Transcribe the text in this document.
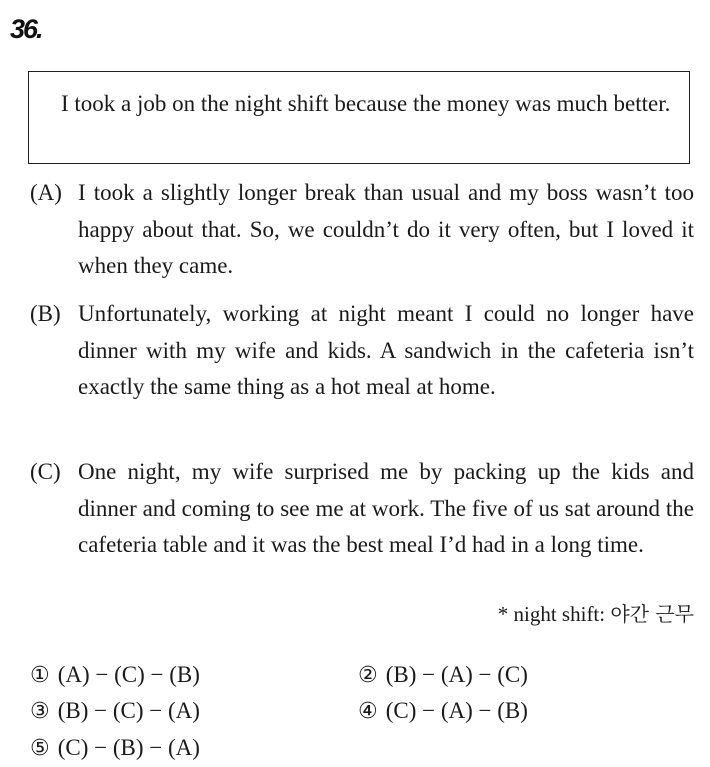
36.
I took a job on the night shift because the money was much better.
(A) I took a slightly longer break than usual and my boss wasn’t too happy about that. So, we couldn’t do it very often, but I loved it when they came.
(B) Unfortunately, working at night meant I could no longer have dinner with my wife and kids. A sandwich in the cafeteria isn’t exactly the same thing as a hot meal at home.
(C) One night, my wife surprised me by packing up the kids and dinner and coming to see me at work. The five of us sat around the cafeteria table and it was the best meal I’d had in a long time.
* night shift: 야간 근무
① (A) − (C) − (B)	② (B) − (A) − (C)
③ (B) − (C) − (A)	④ (C) − (A) − (B)
⑤ (C) − (B) − (A)
